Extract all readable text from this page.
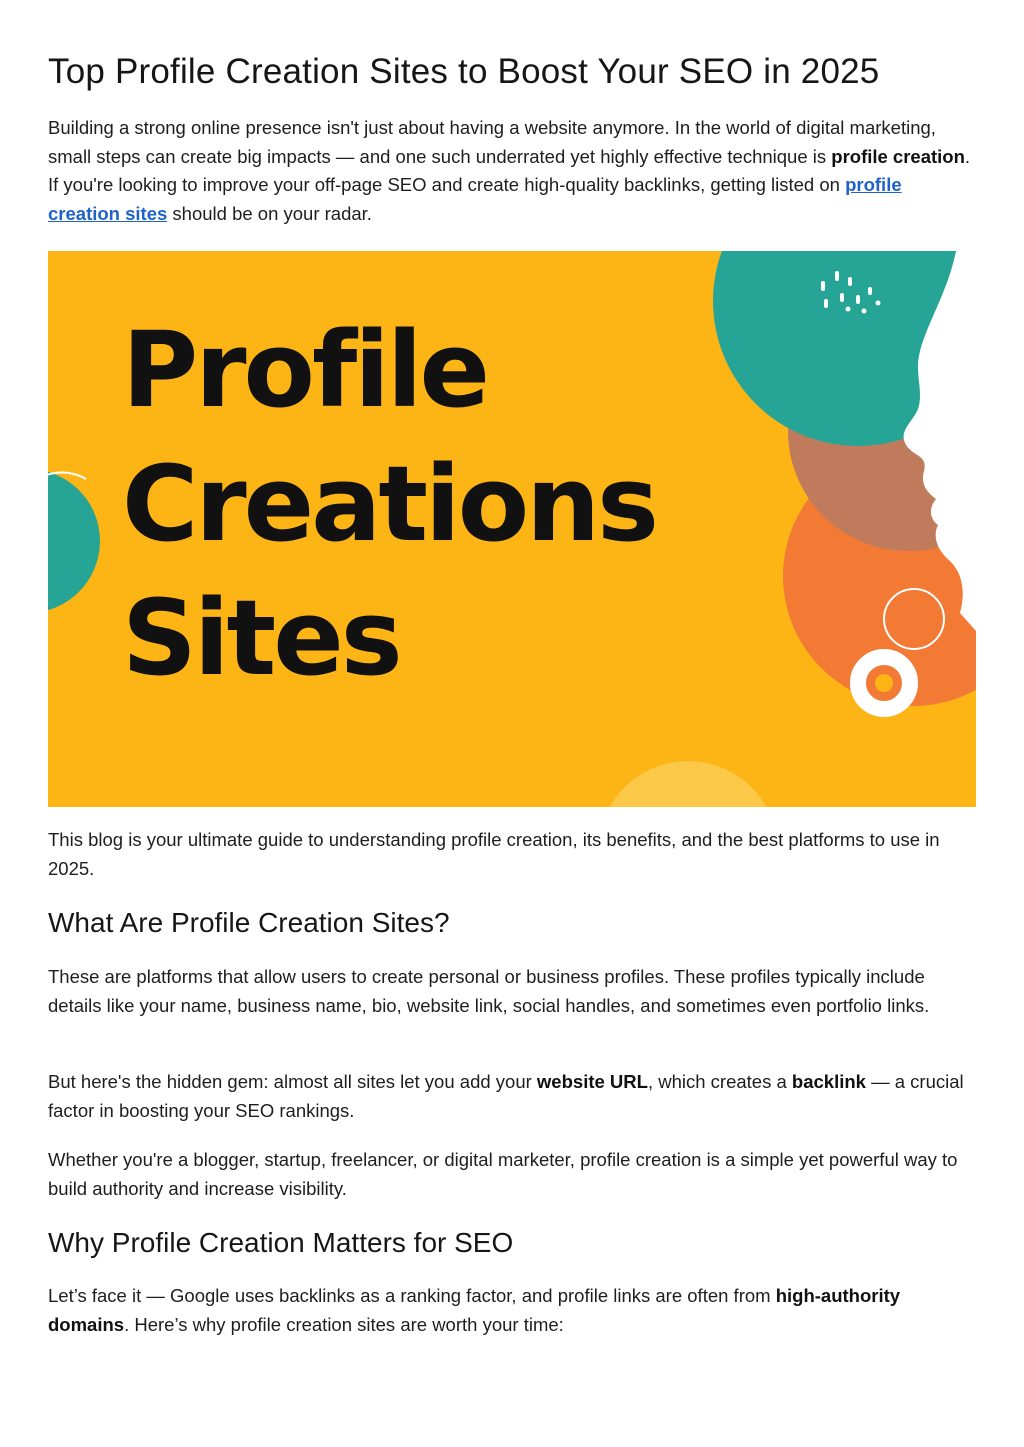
Top Profile Creation Sites to Boost Your SEO in 2025

Building a strong online presence isn't just about having a website anymore. In the world of digital marketing, small steps can create big impacts — and one such underrated yet highly effective technique is profile creation. If you're looking to improve your off-page SEO and create high-quality backlinks, getting listed on profile creation sites should be on your radar.

Profile
Creations
Sites

This blog is your ultimate guide to understanding profile creation, its benefits, and the best platforms to use in 2025.

What Are Profile Creation Sites?

These are platforms that allow users to create personal or business profiles. These profiles typically include details like your name, business name, bio, website link, social handles, and sometimes even portfolio links.

But here's the hidden gem: almost all sites let you add your website URL, which creates a backlink — a crucial factor in boosting your SEO rankings.

Whether you're a blogger, startup, freelancer, or digital marketer, profile creation is a simple yet powerful way to build authority and increase visibility.

Why Profile Creation Matters for SEO

Let’s face it — Google uses backlinks as a ranking factor, and profile links are often from high-authority domains. Here’s why profile creation sites are worth your time:
